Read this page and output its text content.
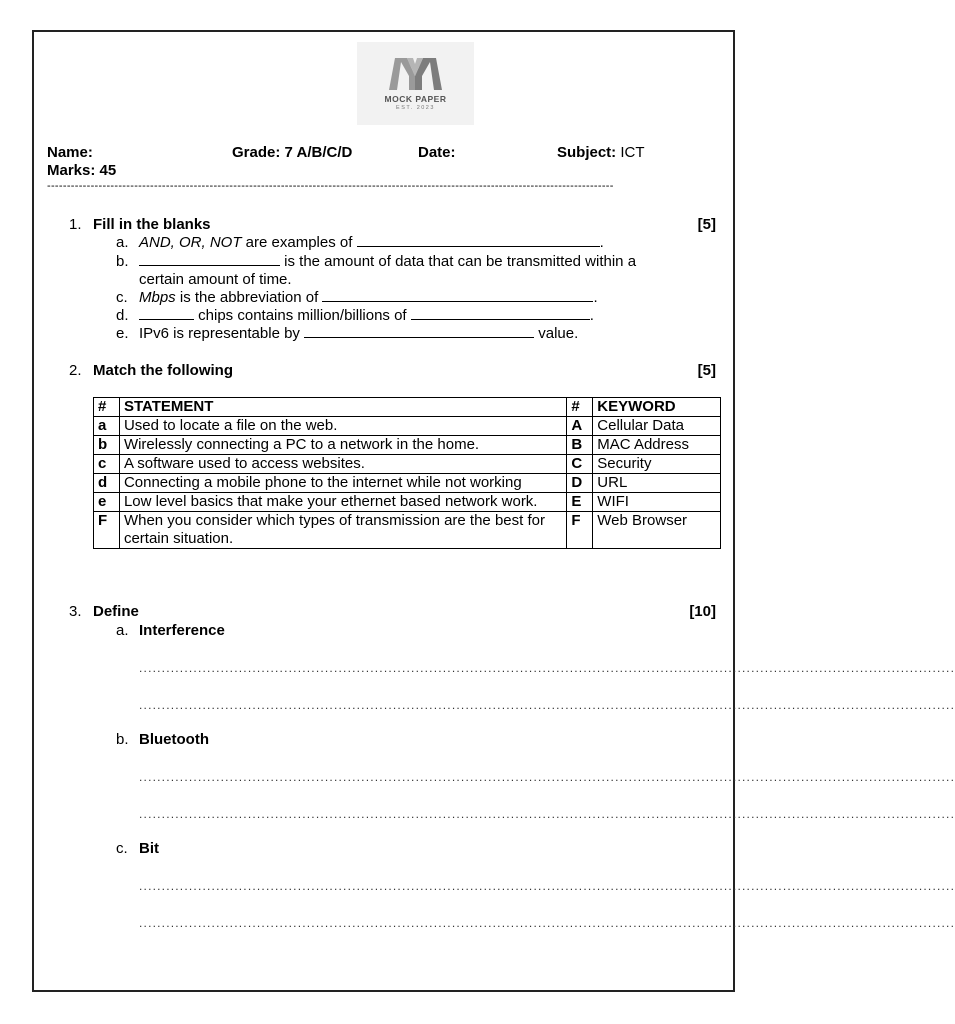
MOCK PAPER
EST. 2023
Name:	Grade: 7 A/B/C/D	Date:	Subject: ICT
Marks: 45
-----------------------------------------------------------------------------------------------------------------------------------------------
1. Fill in the blanks	[5]
a. AND, OR, NOT are examples of	.
b.	is the amount of data that can be transmitted within a
certain amount of time.
c. Mbps is the abbreviation of	.
d.	chips contains million/billions of	.
e. IPv6 is representable by	value.
2. Match the following	[5]
#	STATEMENT	#	KEYWORD
a	Used to locate a file on the web.	A	Cellular Data
b	Wirelessly connecting a PC to a network in the home.	B	MAC Address
c	A software used to access websites.	C	Security
d	Connecting a mobile phone to the internet while not working	D	URL
e	Low level basics that make your ethernet based network work.	E	WIFI
F	When you consider which types of transmission are the best for certain situation.	F	Web Browser
3. Define	[10]
a. Interference
....................................................................................................................................................................................
....................................................................................................................................................................................
b. Bluetooth
....................................................................................................................................................................................
....................................................................................................................................................................................
c. Bit
....................................................................................................................................................................................
....................................................................................................................................................................................
